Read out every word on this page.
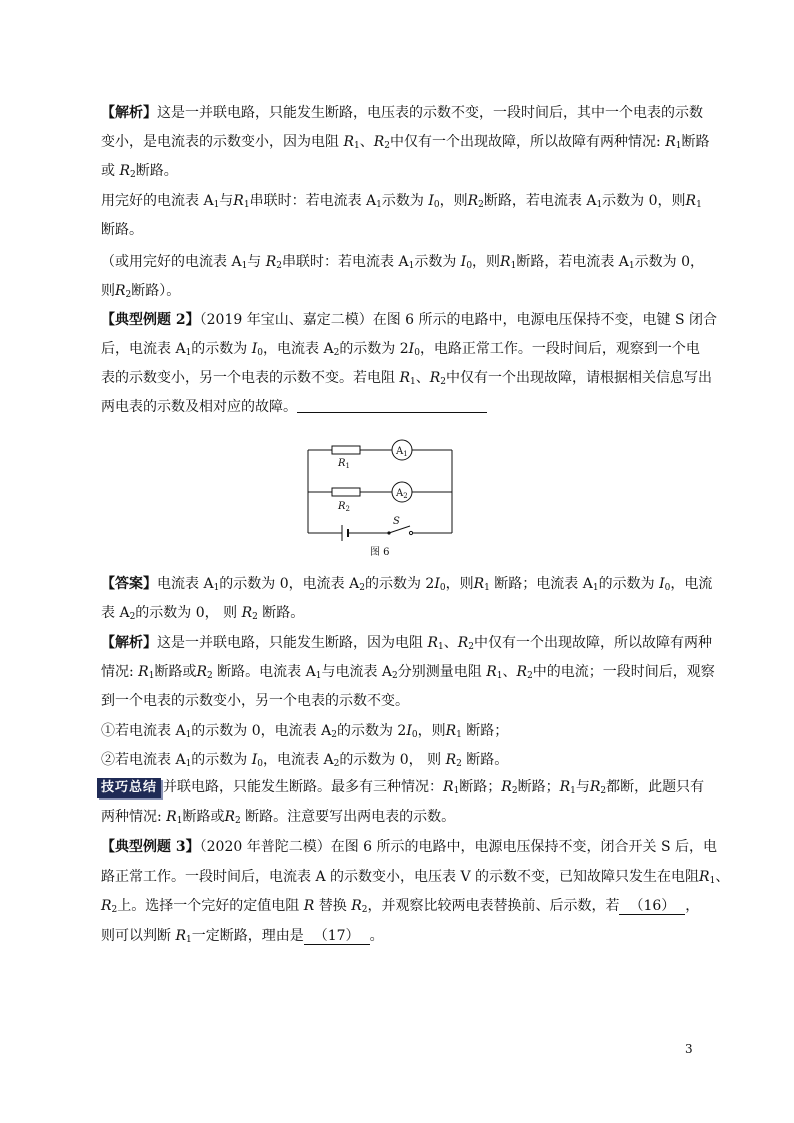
【解析】这是一并联电路，只能发生断路，电压表的示数不变，一段时间后，其中一个电表的示数
变小，是电流表的示数变小，因为电阻 $R_1$、$R_2$中仅有一个出现故障，所以故障有两种情况: $R_1$断路
或 $R_2$断路。
用完好的电流表 $A_1$与$R_1$串联时：若电流表 $A_1$示数为 $I_0$，则$R_2$断路，若电流表 $A_1$示数为 0，则$R_1$
断路。
（或用完好的电流表 $A_1$与 $R_2$串联时：若电流表 $A_1$示数为 $I_0$，则$R_1$断路，若电流表 $A_1$示数为 0，
则$R_2$断路）。
【典型例题 2】（2019 年宝山、嘉定二模）在图 6 所示的电路中，电源电压保持不变，电键 S 闭合
后，电流表 $A_1$的示数为 $I_0$，电流表 $A_2$的示数为 $2I_0$，电路正常工作。一段时间后，观察到一个电
表的示数变小，另一个电表的示数不变。若电阻 $R_1$、$R_2$中仅有一个出现故障，请根据相关信息写出
两电表的示数及相对应的故障。
$R_1$
$R_2$
$A_1$
$A_2$
S
图 6
【答案】电流表 $A_1$的示数为 0，电流表 $A_2$的示数为 $2I_0$，则$R_1$ 断路；电流表 $A_1$的示数为 $I_0$，电流
表 $A_2$的示数为 0， 则 $R_2$ 断路。
【解析】这是一并联电路，只能发生断路，因为电阻 $R_1$、$R_2$中仅有一个出现故障，所以故障有两种
情况: $R_1$断路或$R_2$ 断路。电流表 $A_1$与电流表 $A_2$分别测量电阻 $R_1$、$R_2$中的电流；一段时间后，观察
到一个电表的示数变小，另一个电表的示数不变。
①若电流表 $A_1$的示数为 0，电流表 $A_2$的示数为 $2I_0$，则$R_1$ 断路；
②若电流表 $A_1$的示数为 $I_0$，电流表 $A_2$的示数为 0， 则 $R_2$ 断路。
技巧总结 并联电路，只能发生断路。最多有三种情况：$R_1$断路；$R_2$断路；$R_1$与$R_2$都断，此题只有
两种情况: $R_1$断路或$R_2$ 断路。注意要写出两电表的示数。
【典型例题 3】（2020 年普陀二模）在图 6 所示的电路中，电源电压保持不变，闭合开关 S 后，电
路正常工作。一段时间后，电流表 A 的示数变小，电压表 V 的示数不变，已知故障只发生在电阻$R_1$、
$R_2$上。选择一个完好的定值电阻 R 替换 $R_2$，并观察比较两电表替换前、后示数，若 （16） ，
则可以判断 $R_1$一定断路，理由是 （17） 。
3
